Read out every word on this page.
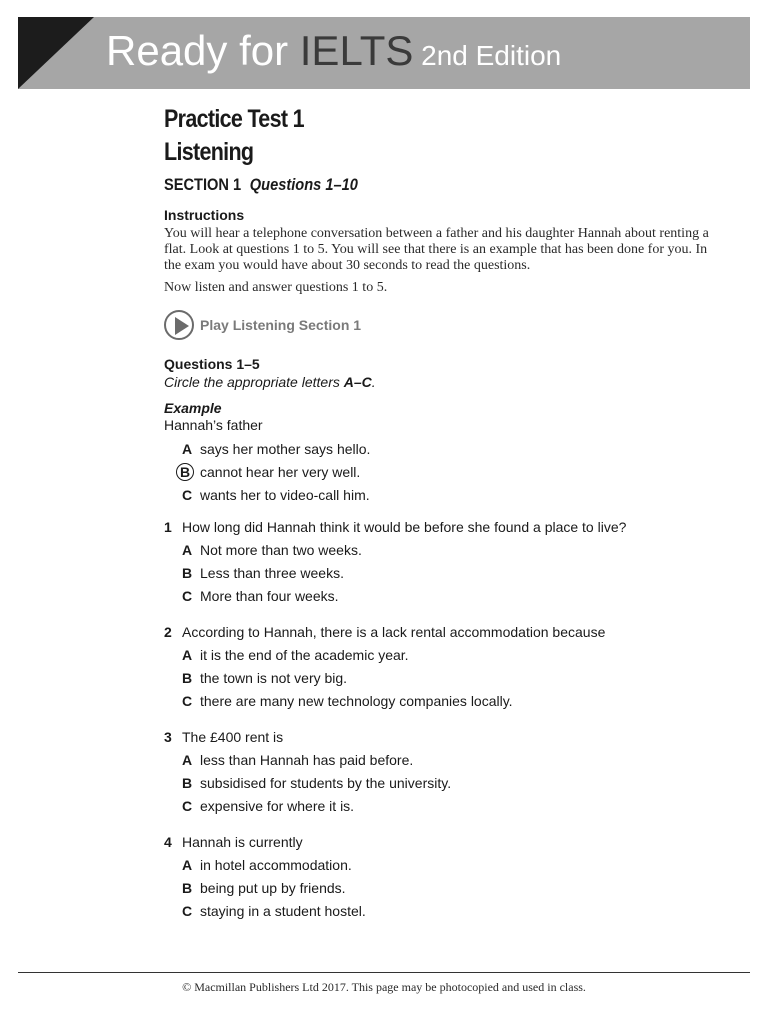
Ready for IELTS 2nd Edition
Practice Test 1
Listening
SECTION 1 Questions 1–10
Instructions
You will hear a telephone conversation between a father and his daughter Hannah about renting a flat. Look at questions 1 to 5. You will see that there is an example that has been done for you. In the exam you would have about 30 seconds to read the questions.
Now listen and answer questions 1 to 5.
Play Listening Section 1
Questions 1–5
Circle the appropriate letters A–C.
Example
Hannah’s father
A says her mother says hello.
B cannot hear her very well.
C wants her to video-call him.
1 How long did Hannah think it would be before she found a place to live?
A Not more than two weeks.
B Less than three weeks.
C More than four weeks.
2 According to Hannah, there is a lack rental accommodation because
A it is the end of the academic year.
B the town is not very big.
C there are many new technology companies locally.
3 The £400 rent is
A less than Hannah has paid before.
B subsidised for students by the university.
C expensive for where it is.
4 Hannah is currently
A in hotel accommodation.
B being put up by friends.
C staying in a student hostel.
© Macmillan Publishers Ltd 2017. This page may be photocopied and used in class.
